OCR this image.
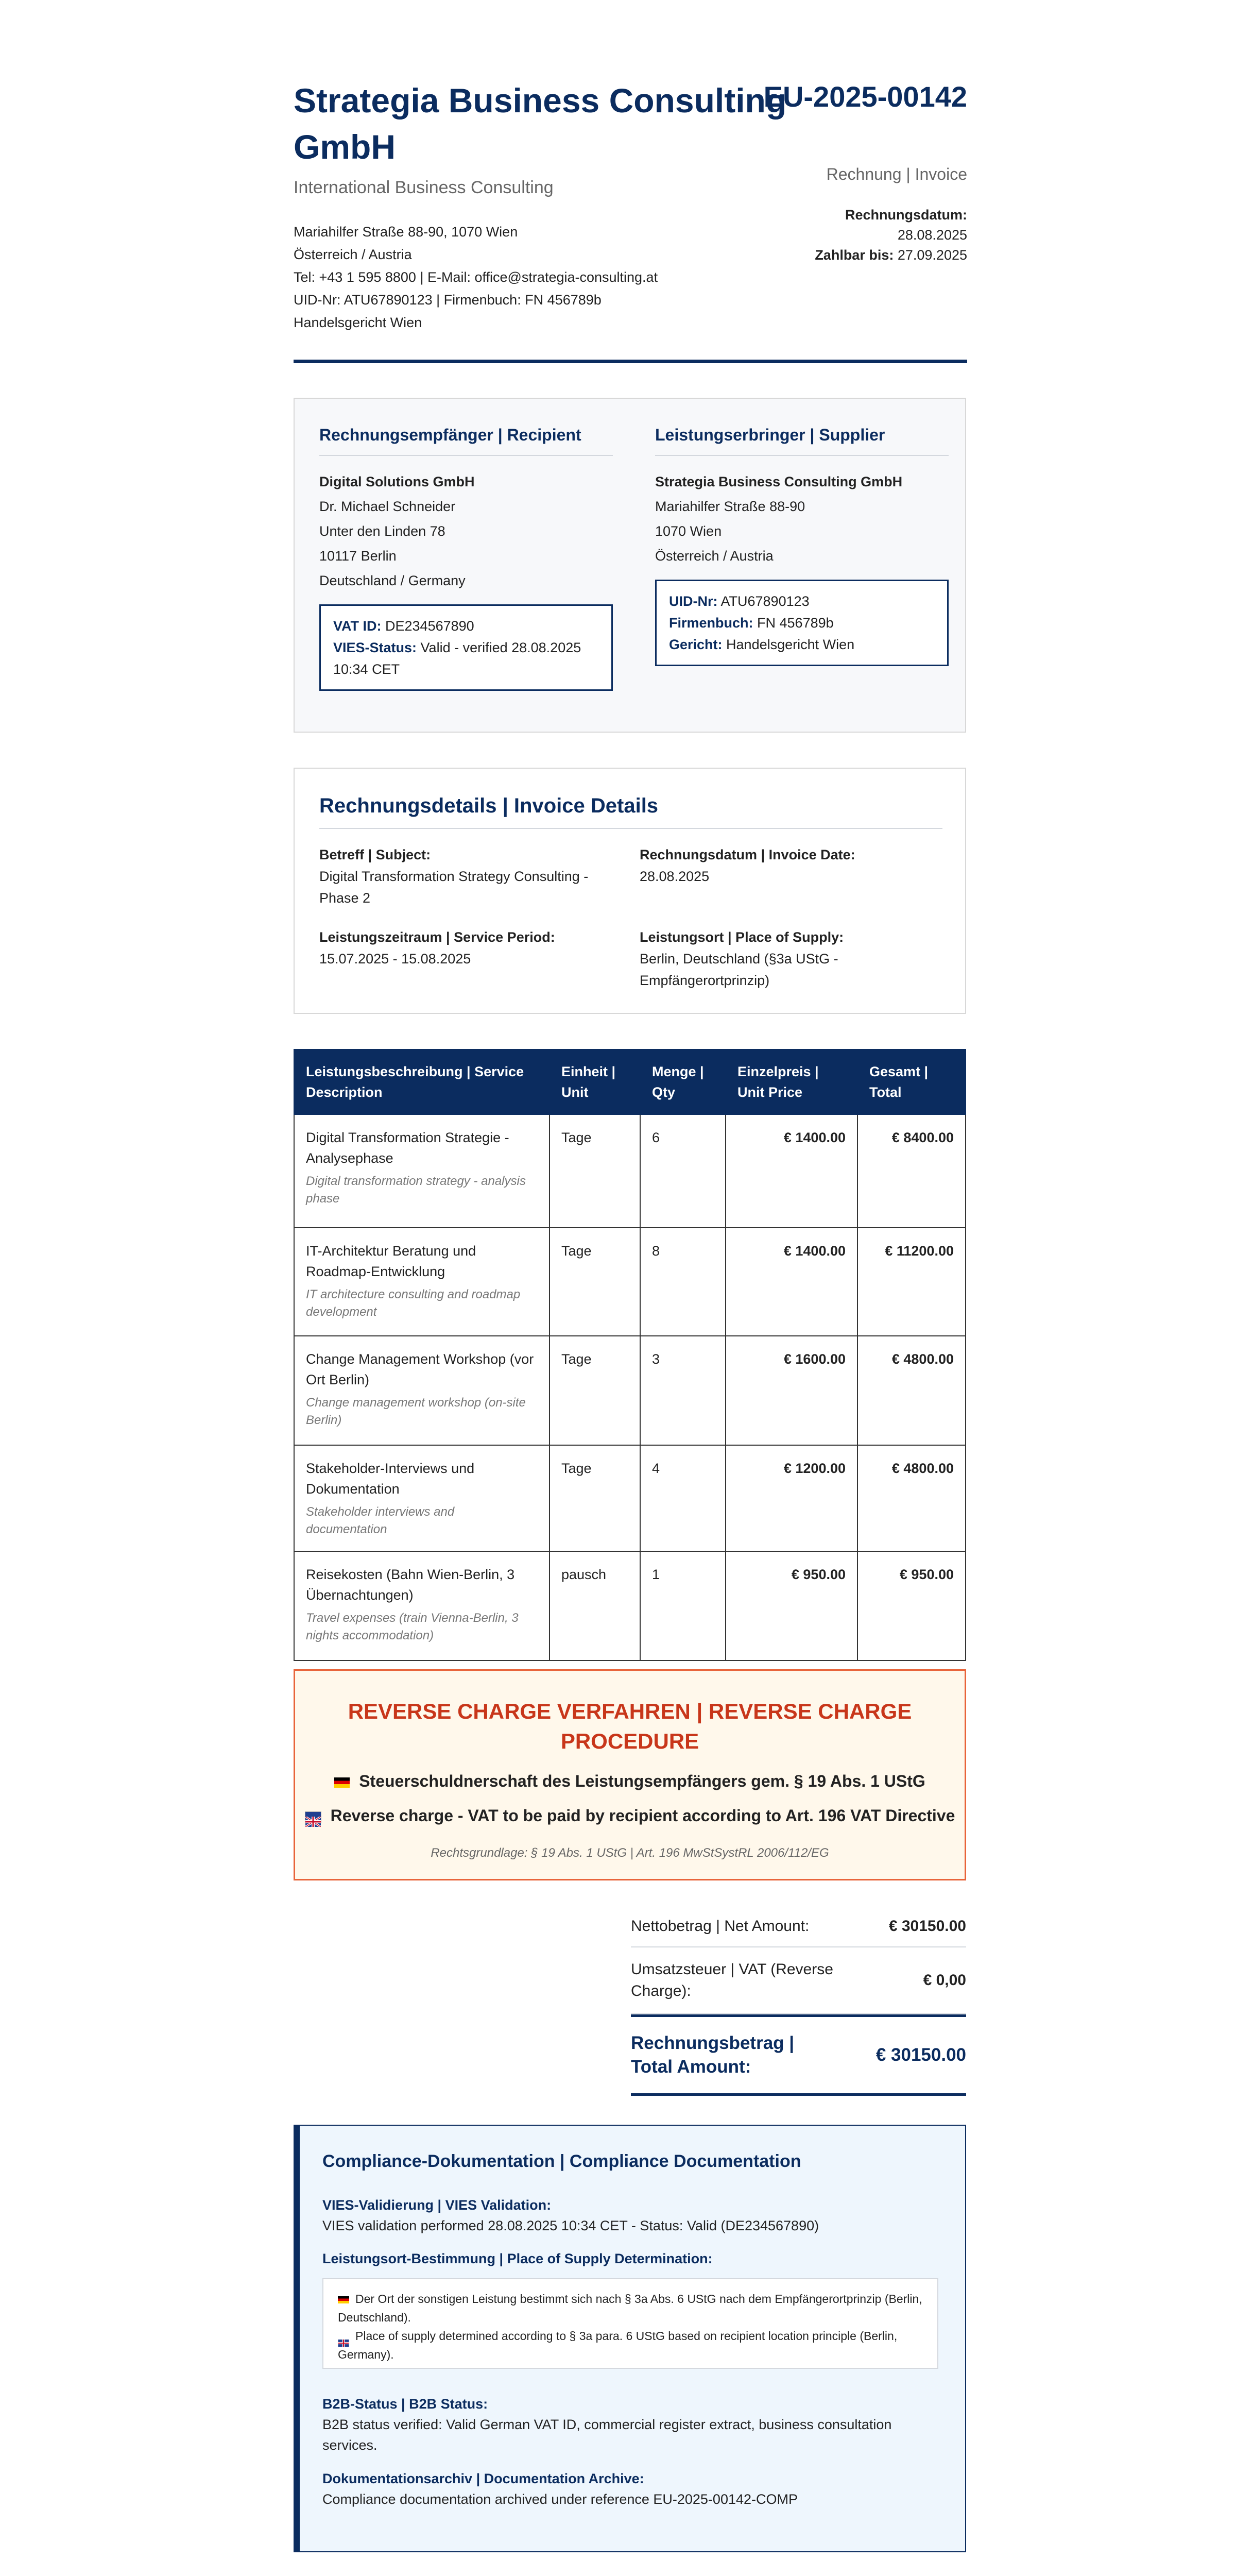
Strategia Business Consulting GmbH
International Business Consulting
Mariahilfer Straße 88-90, 1070 Wien
Österreich / Austria
Tel: +43 1 595 8800 | E-Mail: office@strategia-consulting.at
UID-Nr: ATU67890123 | Firmenbuch: FN 456789b
Handelsgericht Wien
EU-2025-00142
Rechnung | Invoice
Rechnungsdatum:
28.08.2025
Zahlbar bis: 27.09.2025
Rechnungsempfänger | Recipient
Digital Solutions GmbH
Dr. Michael Schneider
Unter den Linden 78
10117 Berlin
Deutschland / Germany
VAT ID: DE234567890
VIES-Status: Valid - verified 28.08.2025 10:34 CET
Leistungserbringer | Supplier
Strategia Business Consulting GmbH
Mariahilfer Straße 88-90
1070 Wien
Österreich / Austria
UID-Nr: ATU67890123
Firmenbuch: FN 456789b
Gericht: Handelsgericht Wien
Rechnungsdetails | Invoice Details
Betreff | Subject:
Digital Transformation Strategy Consulting - Phase 2
Rechnungsdatum | Invoice Date:
28.08.2025
Leistungszeitraum | Service Period:
15.07.2025 - 15.08.2025
Leistungsort | Place of Supply:
Berlin, Deutschland (§3a UStG - Empfängerortprinzip)
Leistungsbeschreibung | Service Description	Einheit | Unit	Menge | Qty	Einzelpreis | Unit Price	Gesamt | Total

Digital Transformation Strategie - Analysephase
Digital transformation strategy - analysis phase	Tage	6	€ 1400.00	€ 8400.00

IT-Architektur Beratung und Roadmap-Entwicklung
IT architecture consulting and roadmap development	Tage	8	€ 1400.00	€ 11200.00

Change Management Workshop (vor Ort Berlin)
Change management workshop (on-site Berlin)	Tage	3	€ 1600.00	€ 4800.00

Stakeholder-Interviews und Dokumentation
Stakeholder interviews and documentation	Tage	4	€ 1200.00	€ 4800.00

Reisekosten (Bahn Wien-Berlin, 3 Übernachtungen)
Travel expenses (train Vienna-Berlin, 3 nights accommodation)	pausch	1	€ 950.00	€ 950.00
REVERSE CHARGE VERFAHREN | REVERSE CHARGE PROCEDURE
Steuerschuldnerschaft des Leistungsempfängers gem. § 19 Abs. 1 UStG
Reverse charge - VAT to be paid by recipient according to Art. 196 VAT Directive
Rechtsgrundlage: § 19 Abs. 1 UStG | Art. 196 MwStSystRL 2006/112/EG
Nettobetrag | Net Amount:	€ 30150.00
Umsatzsteuer | VAT (Reverse Charge):
€ 0,00
Rechnungsbetrag | Total Amount:
€ 30150.00
Compliance-Dokumentation | Compliance Documentation
VIES-Validierung | VIES Validation:
VIES validation performed 28.08.2025 10:34 CET - Status: Valid (DE234567890)
Leistungsort-Bestimmung | Place of Supply Determination:
Der Ort der sonstigen Leistung bestimmt sich nach § 3a Abs. 6 UStG nach dem Empfängerortprinzip (Berlin, Deutschland).
Place of supply determined according to § 3a para. 6 UStG based on recipient location principle (Berlin, Germany).
B2B-Status | B2B Status:
B2B status verified: Valid German VAT ID, commercial register extract, business consultation services.
Dokumentationsarchiv | Documentation Archive:
Compliance documentation archived under reference EU-2025-00142-COMP
